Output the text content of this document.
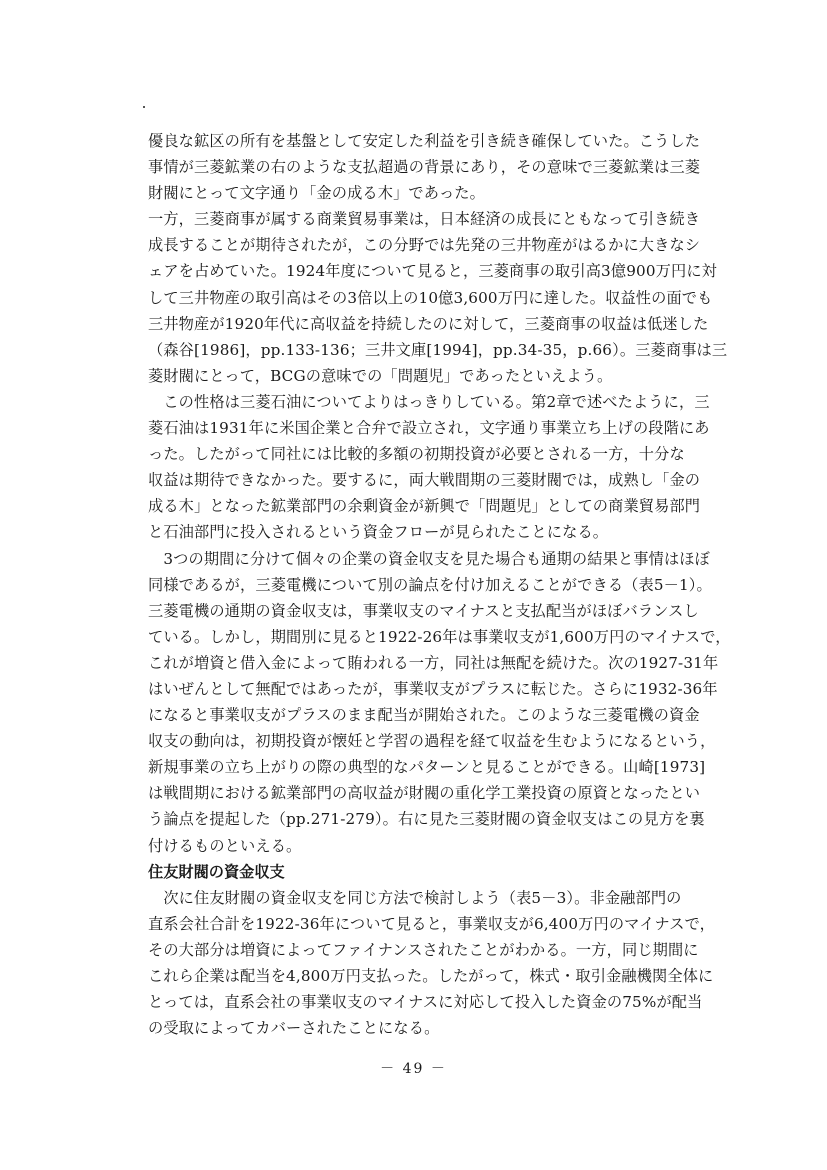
優良な鉱区の所有を基盤として安定した利益を引き続き確保していた。こうした
事情が三菱鉱業の右のような支払超過の背景にあり，その意味で三菱鉱業は三菱
財閥にとって文字通り「金の成る木」であった。
一方，三菱商事が属する商業貿易事業は，日本経済の成長にともなって引き続き
成長することが期待されたが，この分野では先発の三井物産がはるかに大きなシ
ェアを占めていた。1924年度について見ると，三菱商事の取引高3億900万円に対
して三井物産の取引高はその3倍以上の10億3,600万円に達した。収益性の面でも
三井物産が1920年代に高収益を持続したのに対して，三菱商事の収益は低迷した
（森谷[1986]，pp.133-136；三井文庫[1994]，pp.34-35，p.66）。三菱商事は三
菱財閥にとって，BCGの意味での「問題児」であったといえよう。
　この性格は三菱石油についてよりはっきりしている。第2章で述べたように，三
菱石油は1931年に米国企業と合弁で設立され，文字通り事業立ち上げの段階にあ
った。したがって同社には比較的多額の初期投資が必要とされる一方，十分な
収益は期待できなかった。要するに，両大戦間期の三菱財閥では，成熟し「金の
成る木」となった鉱業部門の余剰資金が新興で「問題児」としての商業貿易部門
と石油部門に投入されるという資金フローが見られたことになる。
　3つの期間に分けて個々の企業の資金収支を見た場合も通期の結果と事情はほぼ
同様であるが，三菱電機について別の論点を付け加えることができる（表5－1）。
三菱電機の通期の資金収支は，事業収支のマイナスと支払配当がほぼバランスし
ている。しかし，期間別に見ると1922-26年は事業収支が1,600万円のマイナスで，
これが増資と借入金によって賄われる一方，同社は無配を続けた。次の1927-31年
はいぜんとして無配ではあったが，事業収支がプラスに転じた。さらに1932-36年
になると事業収支がプラスのまま配当が開始された。このような三菱電機の資金
収支の動向は，初期投資が懐妊と学習の過程を経て収益を生むようになるという，
新規事業の立ち上がりの際の典型的なパターンと見ることができる。山崎[1973]
は戦間期における鉱業部門の高収益が財閥の重化学工業投資の原資となったとい
う論点を提起した（pp.271-279）。右に見た三菱財閥の資金収支はこの見方を裏
付けるものといえる。
住友財閥の資金収支
　次に住友財閥の資金収支を同じ方法で検討しよう（表5－3）。非金融部門の
直系会社合計を1922-36年について見ると，事業収支が6,400万円のマイナスで，
その大部分は増資によってファイナンスされたことがわかる。一方，同じ期間に
これら企業は配当を4,800万円支払った。したがって，株式・取引金融機関全体に
とっては，直系会社の事業収支のマイナスに対応して投入した資金の75%が配当
の受取によってカバーされたことになる。
－ 49 －
